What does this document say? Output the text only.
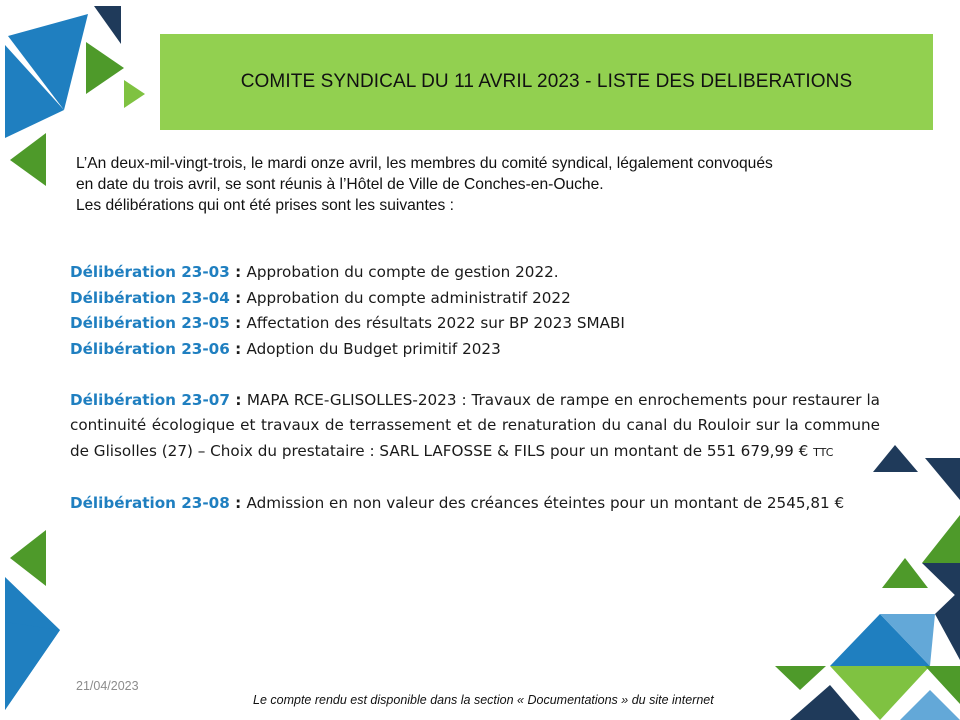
COMITE SYNDICAL DU 11 AVRIL 2023 - LISTE DES DELIBERATIONS
L’An deux-mil-vingt-trois, le mardi onze avril, les membres du comité syndical, légalement convoqués
en date du trois avril, se sont réunis à l’Hôtel de Ville de Conches-en-Ouche.
Les délibérations qui ont été prises sont les suivantes :
Délibération 23-03 : Approbation du compte de gestion 2022.
Délibération 23-04 : Approbation du compte administratif 2022
Délibération 23-05 : Affectation des résultats 2022 sur BP 2023 SMABI
Délibération 23-06 : Adoption du Budget primitif 2023
Délibération 23-07 : MAPA RCE-GLISOLLES-2023 : Travaux de rampe en enrochements pour restaurer la continuité écologique et travaux de terrassement et de renaturation du canal du Rouloir sur la commune de Glisolles (27) – Choix du prestataire : SARL LAFOSSE & FILS pour un montant de 551 679,99 € TTC
Délibération 23-08 : Admission en non valeur des créances éteintes pour un montant de 2545,81 €
21/04/2023
Le compte rendu est disponible dans la section « Documentations » du site internet
